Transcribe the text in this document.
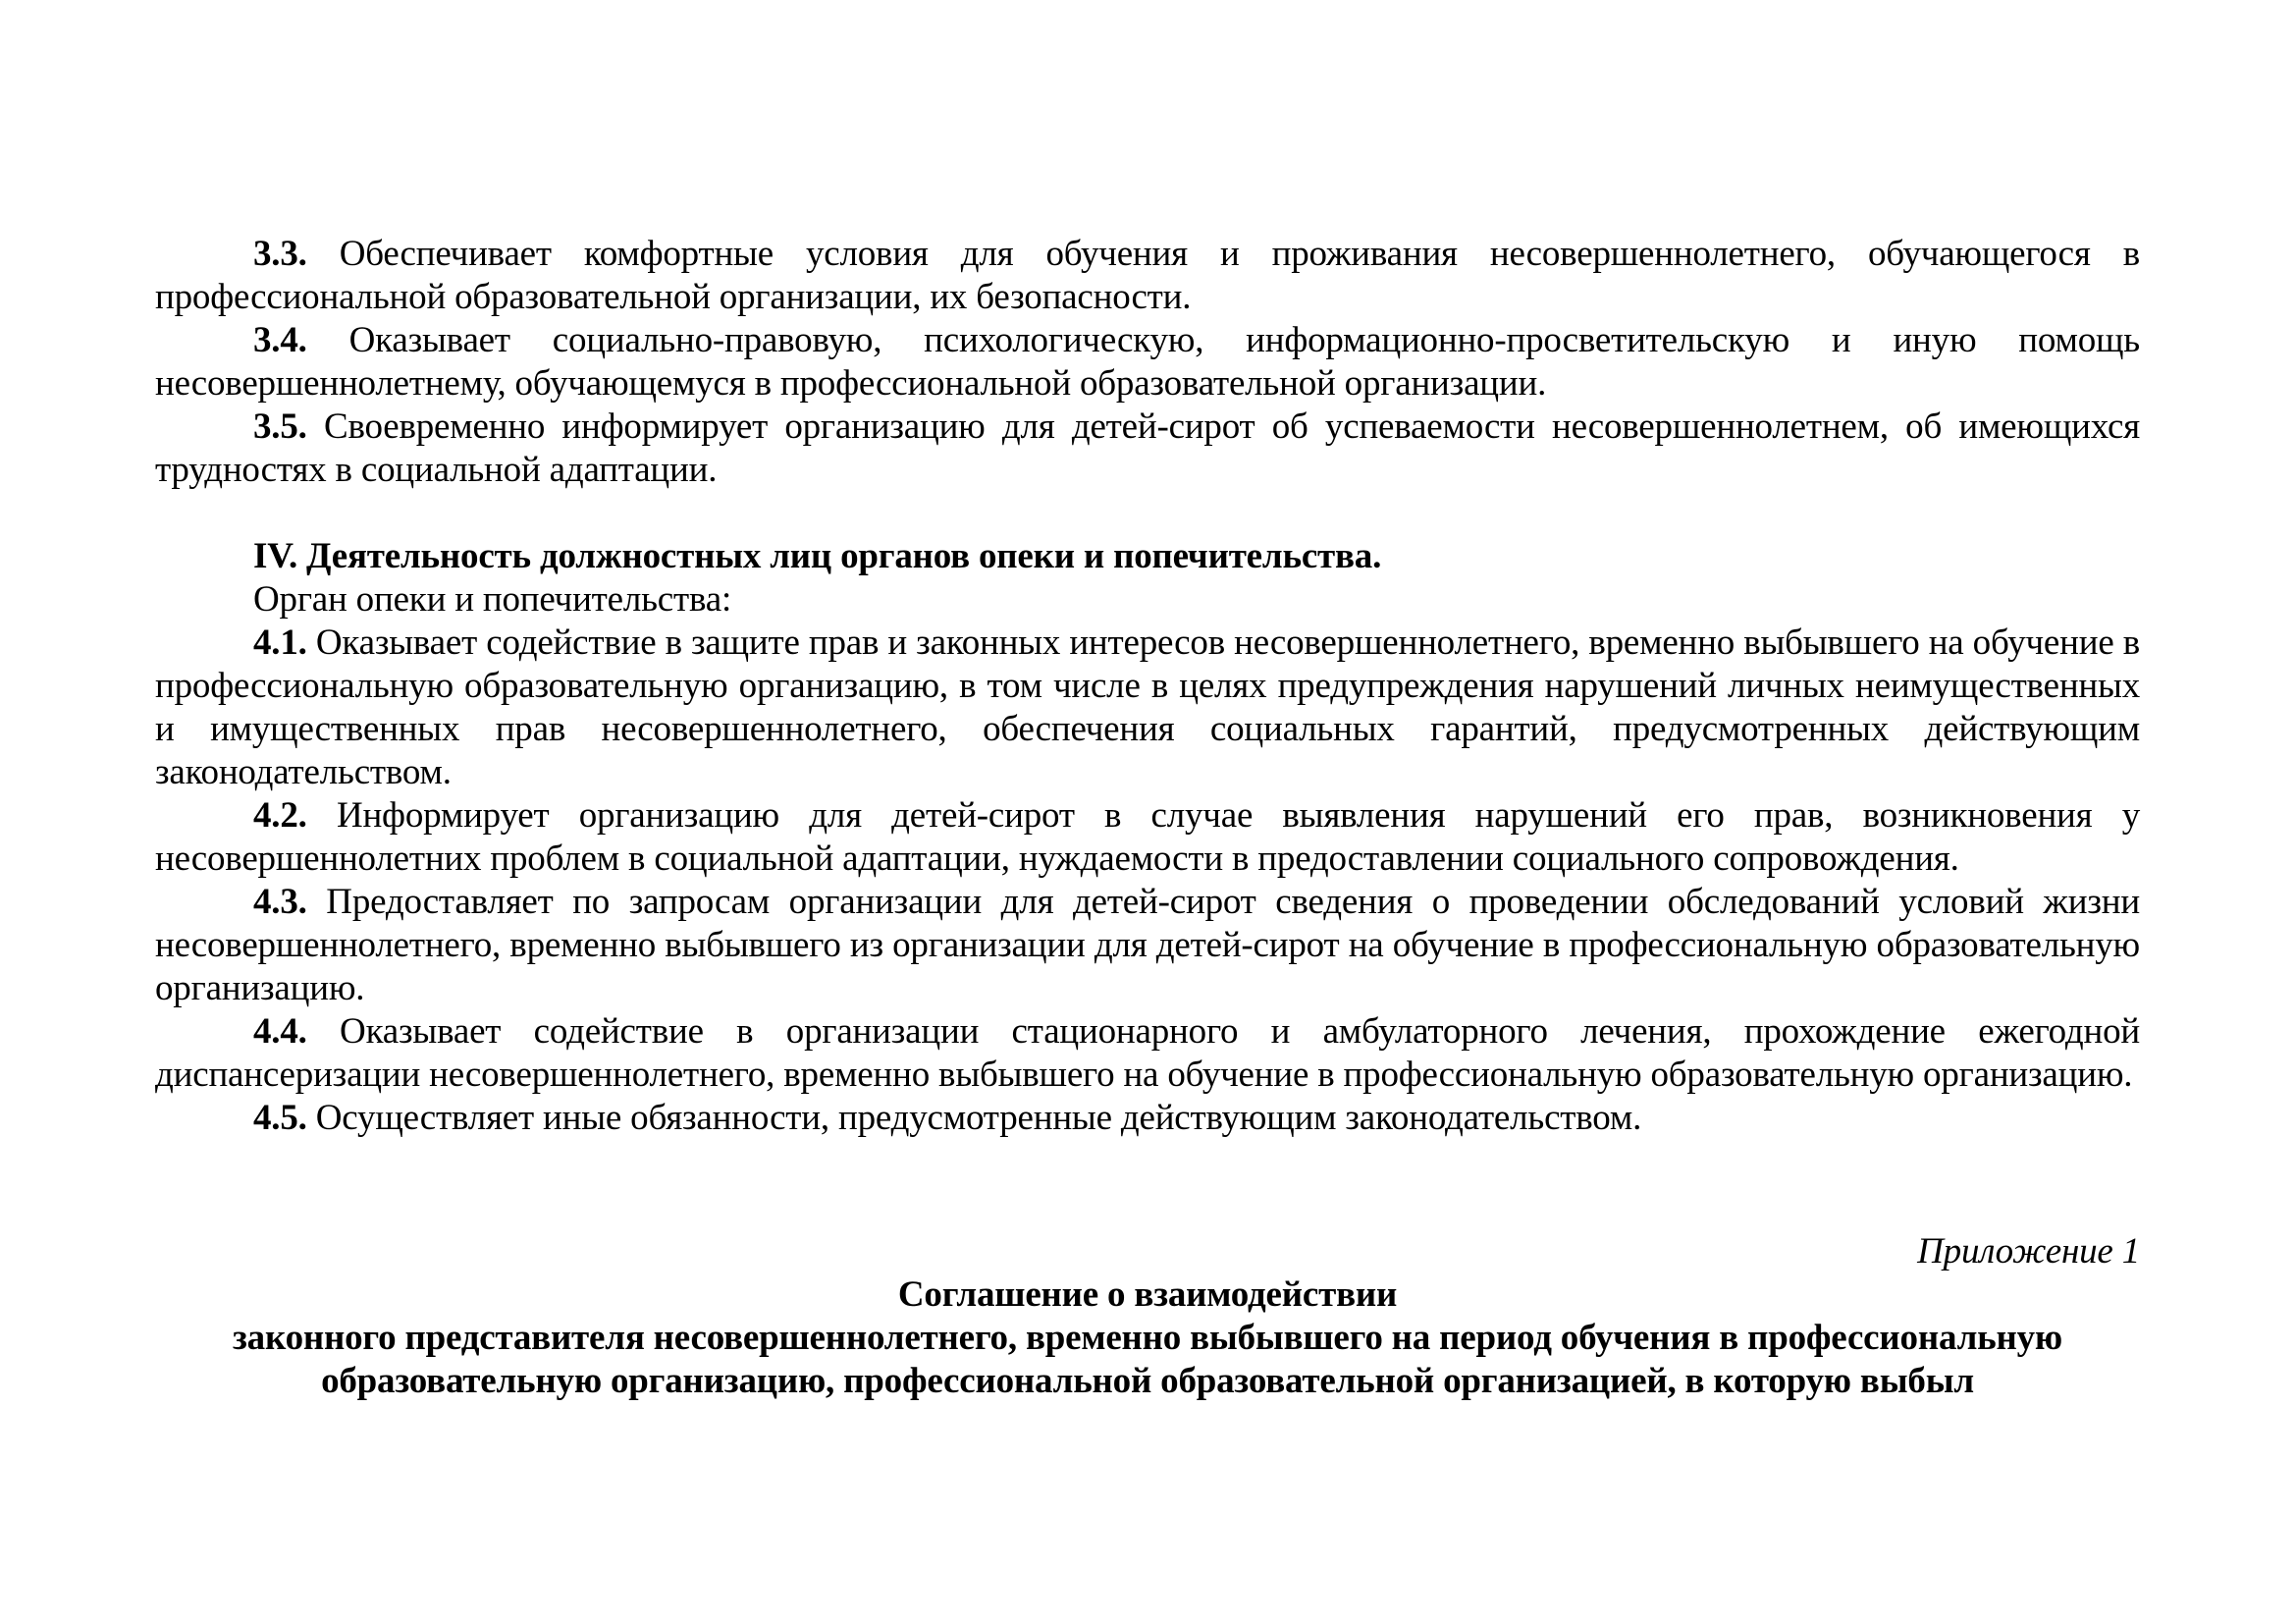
3.3. Обеспечивает комфортные условия для обучения и проживания несовершеннолетнего, обучающегося в профессиональной образовательной организации, их безопасности.

3.4. Оказывает социально-правовую, психологическую, информационно-просветительскую и иную помощь несовершеннолетнему, обучающемуся в профессиональной образовательной организации.

3.5. Своевременно информирует организацию для детей-сирот об успеваемости несовершеннолетнем, об имеющихся трудностях в социальной адаптации.

IV. Деятельность должностных лиц органов опеки и попечительства.

Орган опеки и попечительства:

4.1. Оказывает содействие в защите прав и законных интересов несовершеннолетнего, временно выбывшего на обучение в профессиональную образовательную организацию, в том числе в целях предупреждения нарушений личных неимущественных и имущественных прав несовершеннолетнего, обеспечения социальных гарантий, предусмотренных действующим законодательством.

4.2. Информирует организацию для детей-сирот в случае выявления нарушений его прав, возникновения у несовершеннолетних проблем в социальной адаптации, нуждаемости в предоставлении социального сопровождения.

4.3. Предоставляет по запросам организации для детей-сирот сведения о проведении обследований условий жизни несовершеннолетнего, временно выбывшего из организации для детей-сирот на обучение в профессиональную образовательную организацию.

4.4. Оказывает содействие в организации стационарного и амбулаторного лечения, прохождение ежегодной диспансеризации несовершеннолетнего, временно выбывшего на обучение в профессиональную образовательную организацию.

4.5. Осуществляет иные обязанности, предусмотренные действующим законодательством.

Приложение 1

Соглашение о взаимодействии

законного представителя несовершеннолетнего, временно выбывшего на период обучения в профессиональную образовательную организацию, профессиональной образовательной организацией, в которую выбыл
